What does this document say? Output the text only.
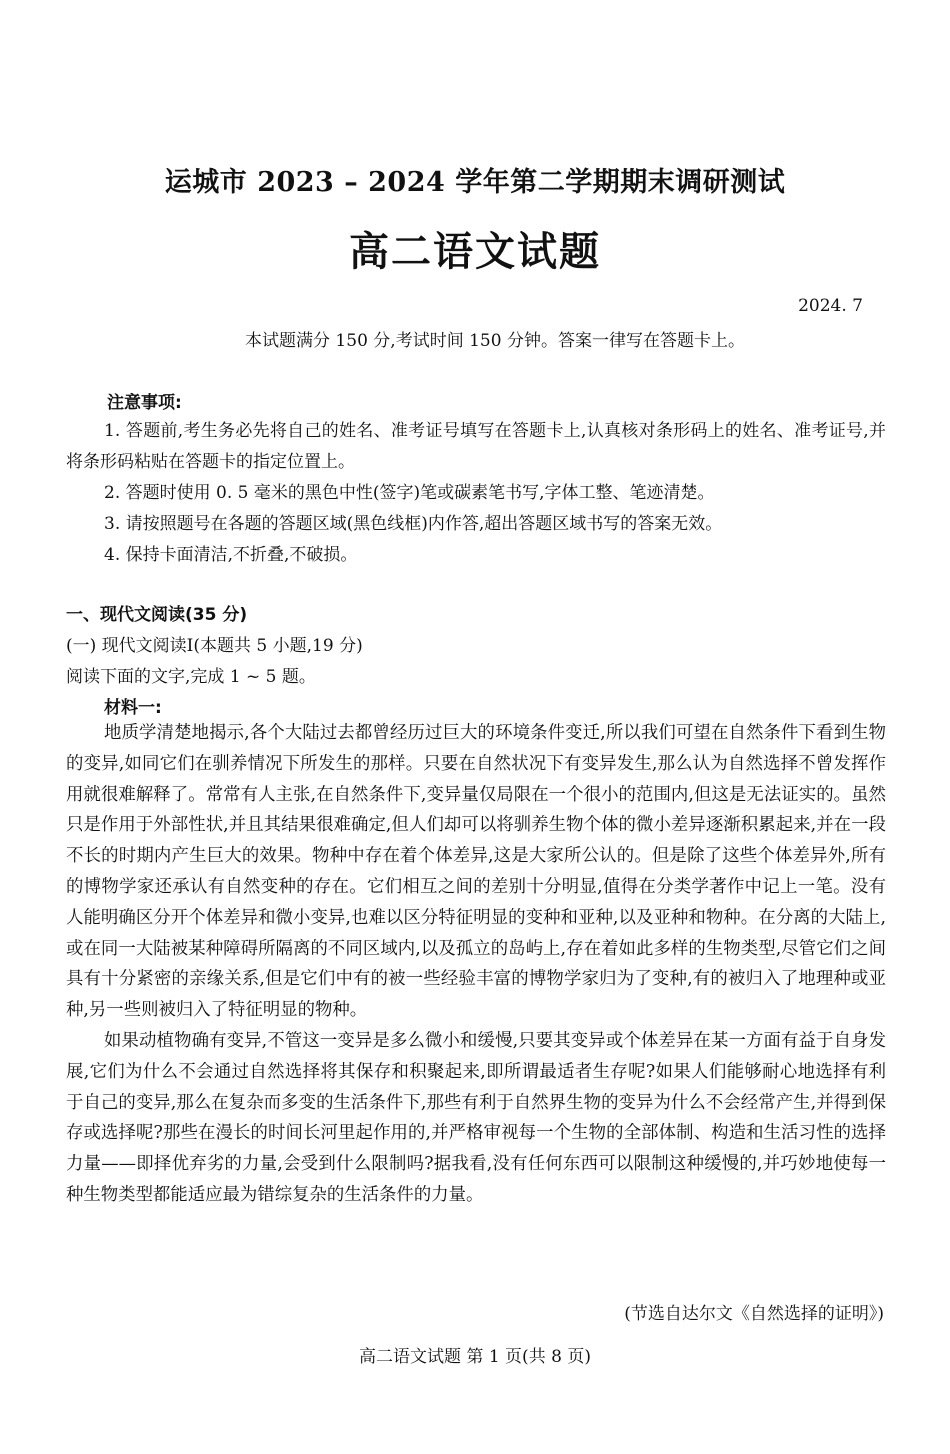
运城市 2023 – 2024 学年第二学期期末调研测试
高二语文试题
2024. 7
本试题满分 150 分,考试时间 150 分钟。答案一律写在答题卡上。
注意事项:

1. 答题前,考生务必先将自己的姓名、准考证号填写在答题卡上,认真核对条形码上的姓名、准考证号,并将条形码粘贴在答题卡的指定位置上。

2. 答题时使用 0. 5 毫米的黑色中性(签字)笔或碳素笔书写,字体工整、笔迹清楚。

3. 请按照题号在各题的答题区域(黑色线框)内作答,超出答题区域书写的答案无效。

4. 保持卡面清洁,不折叠,不破损。

一、现代文阅读(35 分)
(一) 现代文阅读Ⅰ(本题共 5 小题,19 分)
阅读下面的文字,完成 1 ~ 5 题。
材料一:

地质学清楚地揭示,各个大陆过去都曾经历过巨大的环境条件变迁,所以我们可望在自然条件下看到生物的变异,如同它们在驯养情况下所发生的那样。只要在自然状况下有变异发生,那么认为自然选择不曾发挥作用就很难解释了。常常有人主张,在自然条件下,变异量仅局限在一个很小的范围内,但这是无法证实的。虽然只是作用于外部性状,并且其结果很难确定,但人们却可以将驯养生物个体的微小差异逐渐积累起来,并在一段不长的时期内产生巨大的效果。物种中存在着个体差异,这是大家所公认的。但是除了这些个体差异外,所有的博物学家还承认有自然变种的存在。它们相互之间的差别十分明显,值得在分类学著作中记上一笔。没有人能明确区分开个体差异和微小变异,也难以区分特征明显的变种和亚种,以及亚种和物种。在分离的大陆上,或在同一大陆被某种障碍所隔离的不同区域内,以及孤立的岛屿上,存在着如此多样的生物类型,尽管它们之间具有十分紧密的亲缘关系,但是它们中有的被一些经验丰富的博物学家归为了变种,有的被归入了地理种或亚种,另一些则被归入了特征明显的物种。

如果动植物确有变异,不管这一变异是多么微小和缓慢,只要其变异或个体差异在某一方面有益于自身发展,它们为什么不会通过自然选择将其保存和积聚起来,即所谓最适者生存呢?如果人们能够耐心地选择有利于自己的变异,那么在复杂而多变的生活条件下,那些有利于自然界生物的变异为什么不会经常产生,并得到保存或选择呢?那些在漫长的时间长河里起作用的,并严格审视每一个生物的全部体制、构造和生活习性的选择力量——即择优弃劣的力量,会受到什么限制吗?据我看,没有任何东西可以限制这种缓慢的,并巧妙地使每一种生物类型都能适应最为错综复杂的生活条件的力量。

(节选自达尔文《自然选择的证明》)
高二语文试题 第 1 页(共 8 页)
